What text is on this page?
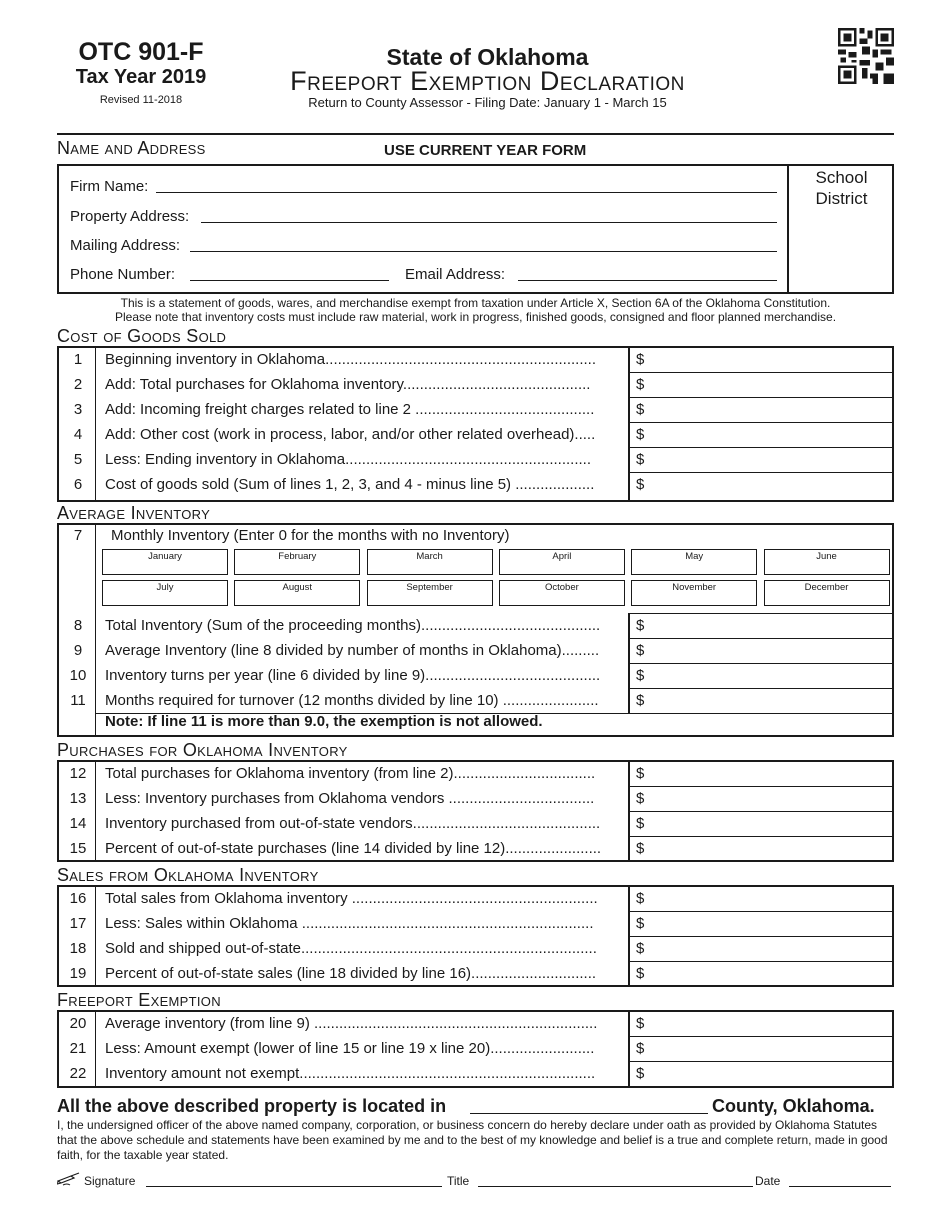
OTC 901-F
Tax Year 2019
Revised 11-2018
State of Oklahoma
Freeport Exemption Declaration
Return to County Assessor - Filing Date: January 1 - March 15
Name and Address	USE CURRENT YEAR FORM
School
District
Firm Name:
Property Address:
Mailing Address:
Phone Number:	Email Address:
This is a statement of goods, wares, and merchandise exempt from taxation under Article X, Section 6A of the Oklahoma Constitution.
Please note that inventory costs must include raw material, work in progress, finished goods, consigned and floor planned merchandise.
Cost of Goods Sold
1	Beginning inventory in Oklahoma.................................................................	$
2	Add: Total purchases for Oklahoma inventory.............................................	$
3	Add: Incoming freight charges related to line 2 ...........................................	$
4	Add: Other cost (work in process, labor, and/or other related overhead).....	$
5	Less: Ending inventory in Oklahoma...........................................................	$
6	Cost of goods sold (Sum of lines 1, 2, 3, and 4 - minus line 5) ...................	$
Average Inventory
7	Monthly Inventory (Enter 0 for the months with no Inventory)
January	February	March	April	May	June
July	August	September	October	November	December
8	Total Inventory (Sum of the proceeding months)........................................... $
9	Average Inventory (line 8 divided by number of months in Oklahoma)......... $
10	Inventory turns per year (line 6 divided by line 9).......................................... $
11	Months required for turnover (12 months divided by line 10) ....................... $
Note: If line 11 is more than 9.0, the exemption is not allowed.
Purchases for Oklahoma Inventory
12	Total purchases for Oklahoma inventory (from line 2)..................................	$
13	Less: Inventory purchases from Oklahoma vendors ...................................	$
14	Inventory purchased from out-of-state vendors............................................. $
15	Percent of out-of-state purchases (line 14 divided by line 12)....................... $
Sales from Oklahoma Inventory
16	Total sales from Oklahoma inventory ...........................................................	$
17	Less: Sales within Oklahoma ......................................................................	$
18	Sold and shipped out-of-state.......................................................................	$
19	Percent of out-of-state sales (line 18 divided by line 16)..............................	$
Freeport Exemption
20	Average inventory (from line 9) ....................................................................	$
21	Less: Amount exempt (lower of line 15 or line 19 x line 20).........................	$
22	Inventory amount not exempt.......................................................................	$
All the above described property is located in	County, Oklahoma.
I, the undersigned officer of the above named company, corporation, or business concern do hereby declare under oath as provided by Oklahoma Statutes that the above schedule and statements have been examined by me and to the best of my knowledge and belief is a true and complete return, made in good faith, for the taxable year stated.
Signature	Title	Date
